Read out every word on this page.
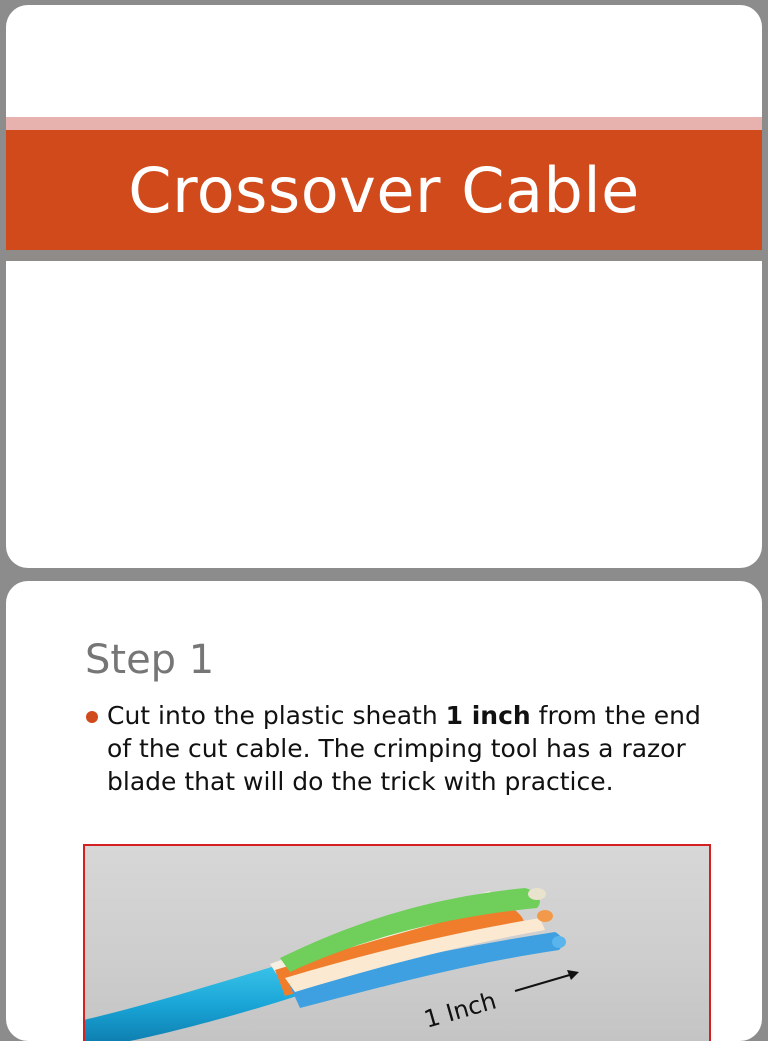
Crossover Cable
Step 1
Cut into the plastic sheath 1 inch from the end of the cut cable. The crimping tool has a razor blade that will do the trick with practice.
1 Inch
